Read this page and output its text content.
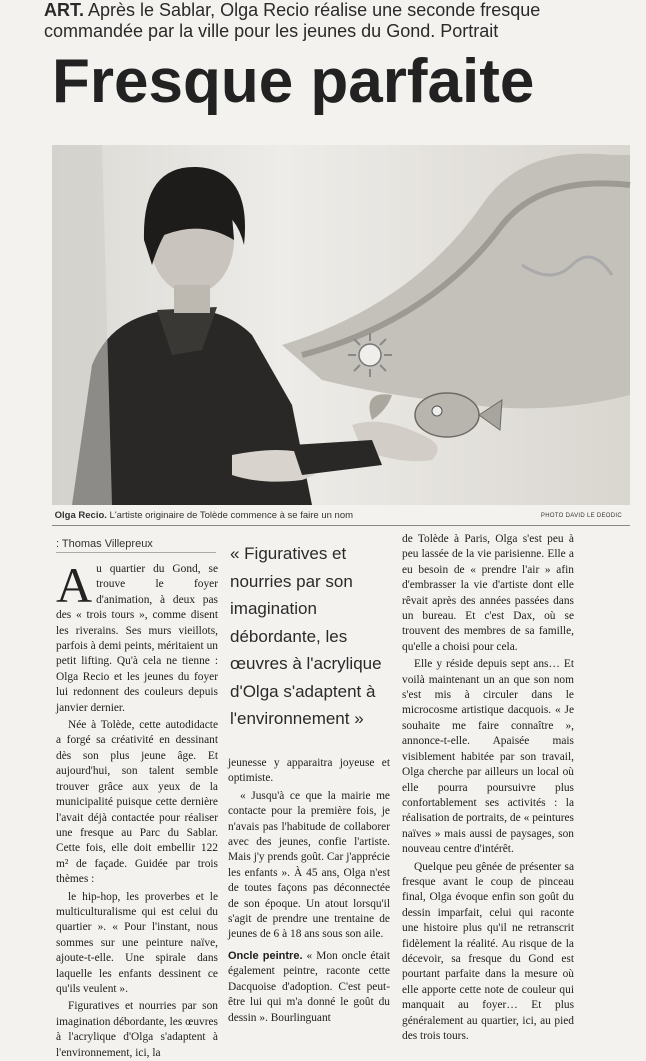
ART. Après le Sablar, Olga Recio réalise une seconde fresque commandée par la ville pour les jeunes du Gond. Portrait

Fresque parfaite
Olga Recio. L'artiste originaire de Tolède commence à se faire un nom	PHOTO DAVID LE DEODIC
: Thomas Villepreux

Au quartier du Gond, se trouve le foyer d'animation, à deux pas des « trois tours », comme disent les riverains. Ses murs vieillots, parfois à demi peints, méritaient un petit lifting. Qu'à cela ne tienne : Olga Recio et les jeunes du foyer lui redonnent des couleurs depuis janvier dernier.

Née à Tolède, cette autodidacte a forgé sa créativité en dessinant dès son plus jeune âge. Et aujourd'hui, son talent semble trouver grâce aux yeux de la municipalité puisque cette dernière l'avait déjà contactée pour réaliser une fresque au Parc du Sablar. Cette fois, elle doit embellir 122 m² de façade. Guidée par trois thèmes :

le hip-hop, les proverbes et le multiculturalisme qui est celui du quartier ». « Pour l'instant, nous sommes sur une peinture naïve, ajoute-t-elle. Une spirale dans laquelle les enfants dessinent ce qu'ils veulent ».

Figuratives et nourries par son imagination débordante, les œuvres à l'acrylique d'Olga s'adaptent à l'environnement, ici, la

« Figuratives et nourries par son imagination débordante, les œuvres à l'acrylique d'Olga s'adaptent à l'environnement »

jeunesse y apparaitra joyeuse et optimiste.

« Jusqu'à ce que la mairie me contacte pour la première fois, je n'avais pas l'habitude de collaborer avec des jeunes, confie l'artiste. Mais j'y prends goût. Car j'apprécie les enfants ». À 45 ans, Olga n'est de toutes façons pas déconnectée de son époque. Un atout lorsqu'il s'agit de prendre une trentaine de jeunes de 6 à 18 ans sous son aile.

Oncle peintre. « Mon oncle était également peintre, raconte cette Dacquoise d'adoption. C'est peut-être lui qui m'a donné le goût du dessin ». Bourlinguant

de Tolède à Paris, Olga s'est peu à peu lassée de la vie parisienne. Elle a eu besoin de « prendre l'air » afin d'embrasser la vie d'artiste dont elle rêvait après des années passées dans un bureau. Et c'est Dax, où se trouvent des membres de sa famille, qu'elle a choisi pour cela.

Elle y réside depuis sept ans… Et voilà maintenant un an que son nom s'est mis à circuler dans le microcosme artistique dacquois. « Je souhaite me faire connaître », annonce-t-elle. Apaisée mais visiblement habitée par son travail, Olga cherche par ailleurs un local où elle pourra poursuivre plus confortablement ses activités : la réalisation de portraits, de « peintures naïves » mais aussi de paysages, son nouveau centre d'intérêt.

Quelque peu gênée de présenter sa fresque avant le coup de pinceau final, Olga évoque enfin son goût du dessin imparfait, celui qui raconte une histoire plus qu'il ne retranscrit fidèlement la réalité. Au risque de la décevoir, sa fresque du Gond est pourtant parfaite dans la mesure où elle apporte cette note de couleur qui manquait au foyer… Et plus généralement au quartier, ici, au pied des trois tours.
